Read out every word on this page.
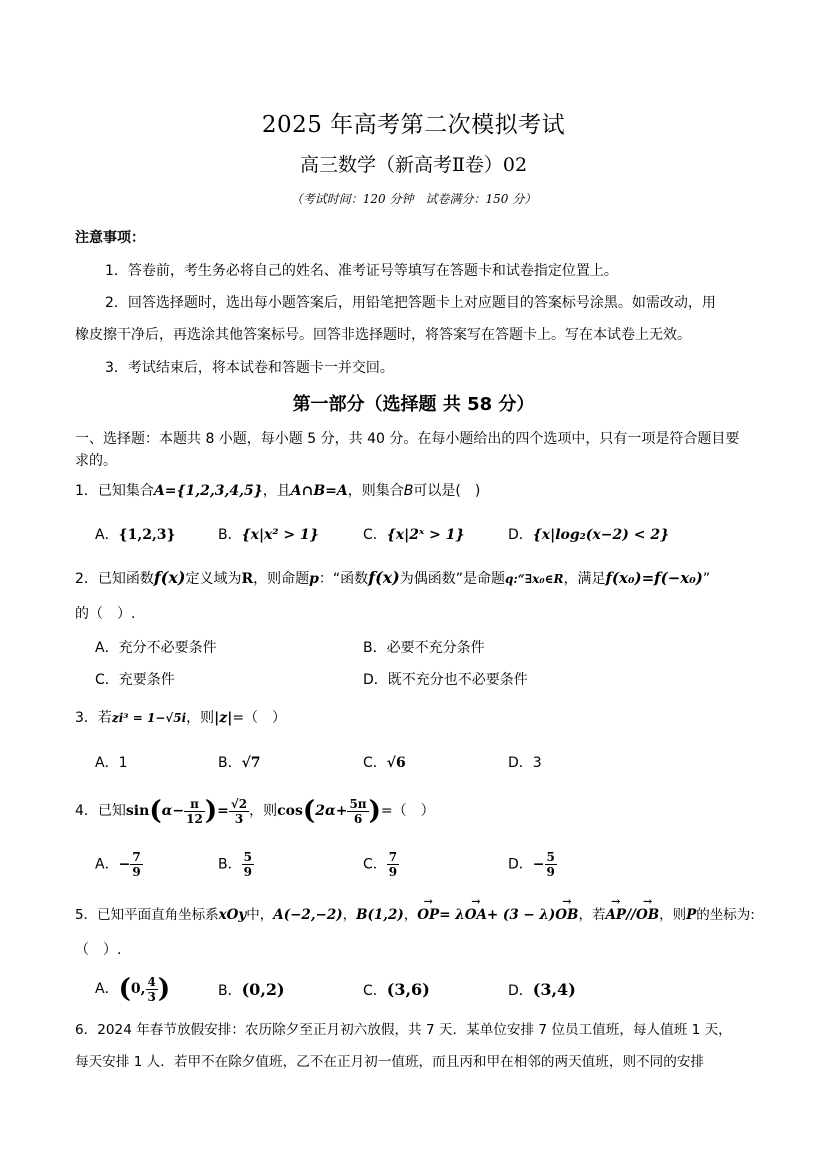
2025 年高考第二次模拟考试
高三数学（新高考Ⅱ卷）02
（考试时间：120 分钟　试卷满分：150 分）
注意事项：
1．答卷前，考生务必将自己的姓名、准考证号等填写在答题卡和试卷指定位置上。
2．回答选择题时，选出每小题答案后，用铅笔把答题卡上对应题目的答案标号涂黑。如需改动，用
橡皮擦干净后，再选涂其他答案标号。回答非选择题时，将答案写在答题卡上。写在本试卷上无效。
3．考试结束后，将本试卷和答题卡一并交回。
第一部分（选择题 共 58 分）
一、选择题：本题共 8 小题，每小题 5 分，共 40 分。在每小题给出的四个选项中，只有一项是符合题目要
求的。
1．已知集合A={1,2,3,4,5}，且A∩B=A，则集合B可以是(　)
A．{1,2,3}	B．{x|x² > 1}	C．{x|2ˣ > 1}	D．{x|log₂(x−2) < 2}
2．已知函数f(x)定义域为R，则命题p：“函数f(x)为偶函数”是命题q:“∃x₀∈R，满足f(x₀)=f(−x₀)”
的（　）.
A．充分不必要条件	B．必要不充分条件
C．充要条件	D．既不充分也不必要条件
3．若zi³ = 1−√5i，则|z|=（　）
A．1	B．√7	C．√6	D．3
4．已知$\sin(\alpha- \frac{\pi}{12}$ )= $\frac{√2}{3}$ ，则$\cos(2\alpha+ \frac{5\pi}{6}$ )=（　）
A．− $\frac{7}{9}$	B． $\frac{5}{9}$	C． $\frac{7}{9}$	D．− $\frac{5}{9}$
5．已知平面直角坐标系xOy中，A(−2,−2)，B(1,2)，→ OP= λ→ OA+ (3 − λ)→ OB，若→ AP//→ OB，则P的坐标为:
（　）.
A．(0, $\frac{4}{3}$ )	B．(0,2)	C．(3,6)	D．(3,4)
6．2024 年春节放假安排：农历除夕至正月初六放假，共 7 天．某单位安排 7 位员工值班，每人值班 1 天，
每天安排 1 人．若甲不在除夕值班，乙不在正月初一值班，而且丙和甲在相邻的两天值班，则不同的安排
